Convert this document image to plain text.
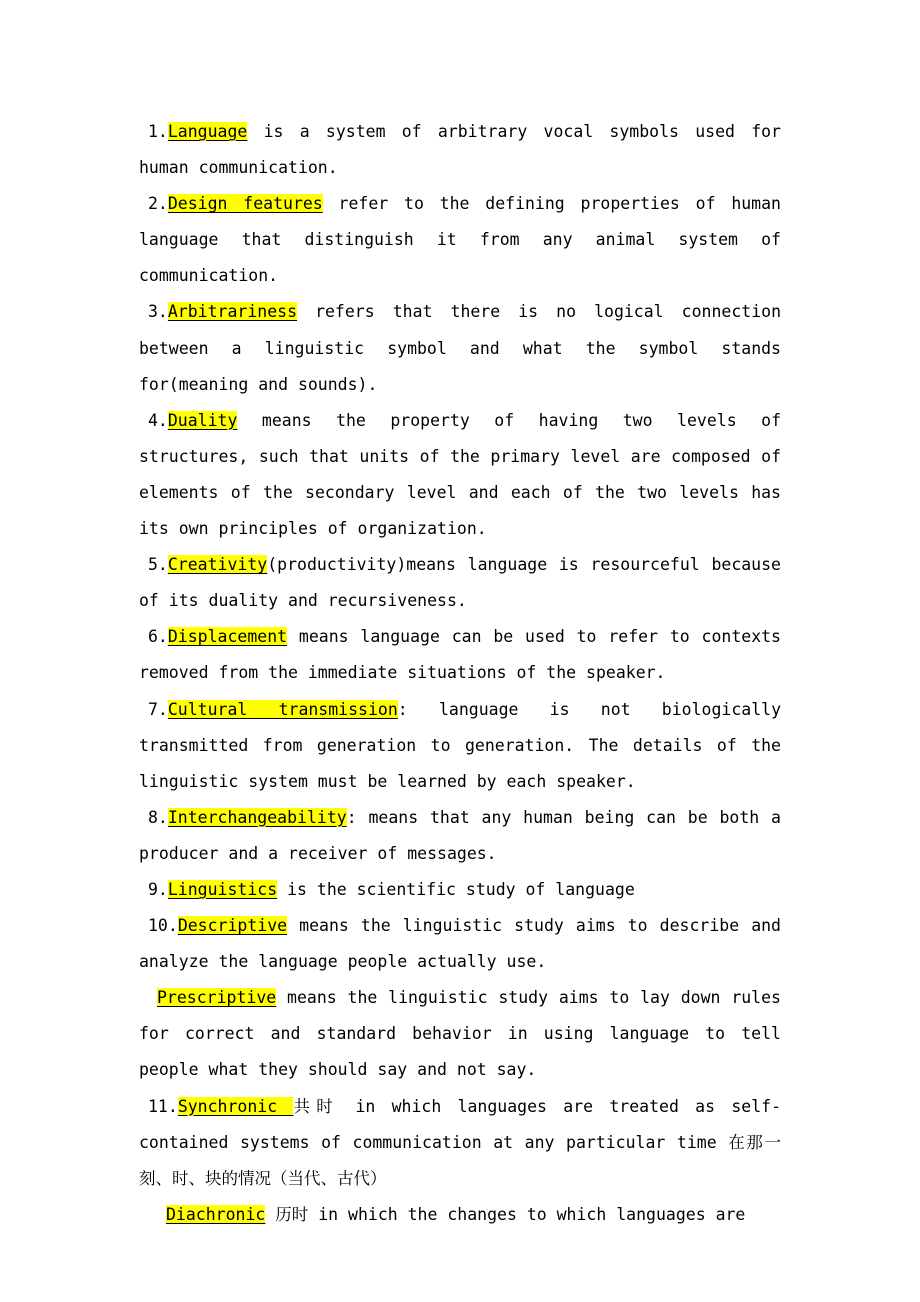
1.Language is a system of arbitrary vocal symbols used for human communication.

2.Design features refer to the defining properties of human language that distinguish it from any animal system of communication.

3.Arbitrariness refers that there is no logical connection between a linguistic symbol and what the symbol stands for(meaning and sounds).

4.Duality means the property of having two levels of structures, such that units of the primary level are composed of elements of the secondary level and each of the two levels has its own principles of organization.

5.Creativity(productivity)means language is resourceful because of its duality and recursiveness.

6.Displacement means language can be used to refer to contexts removed from the immediate situations of the speaker.

7.Cultural transmission: language is not biologically transmitted from generation to generation. The details of the linguistic system must be learned by each speaker.

8.Interchangeability: means that any human being can be both a producer and a receiver of messages.

9.Linguistics is the scientific study of language

10.Descriptive means the linguistic study aims to describe and analyze the language people actually use.

Prescriptive means the linguistic study aims to lay down rules for correct and standard behavior in using language to tell people what they should say and not say.

11.Synchronic 共时 in which languages are treated as self-contained systems of communication at any particular time 在那一刻、时、块的情况（当代、古代）

Diachronic 历时 in which the changes to which languages are
